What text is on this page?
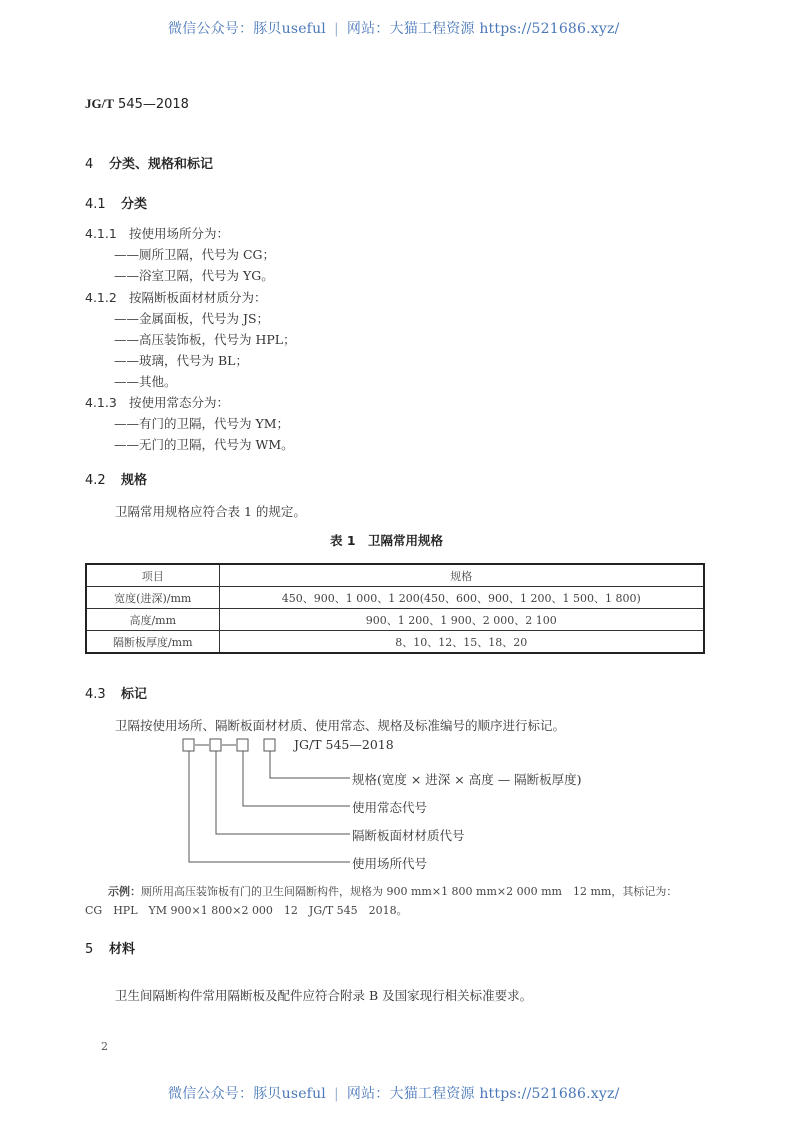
微信公众号：豚贝useful | 网站：大猫工程资源 https://521686.xyz/
JG/T 545—2018
4 分类、规格和标记
4.1 分类
4.1.1 按使用场所分为：
——厕所卫隔，代号为 CG；
——浴室卫隔，代号为 YG。
4.1.2 按隔断板面材材质分为：
——金属面板，代号为 JS；
——高压装饰板，代号为 HPL；
——玻璃，代号为 BL；
——其他。
4.1.3 按使用常态分为：
——有门的卫隔，代号为 YM；
——无门的卫隔，代号为 WM。
4.2 规格
卫隔常用规格应符合表 1 的规定。
表 1　卫隔常用规格
项目	规格
宽度(进深)/mm	450、900、1 000、1 200(450、600、900、1 200、1 500、1 800)
高度/mm	900、1 200、1 900、2 000、2 100
隔断板厚度/mm	8、10、12、15、18、20
4.3 标记
卫隔按使用场所、隔断板面材材质、使用常态、规格及标准编号的顺序进行标记。
JG/T 545—2018
规格(宽度 × 进深 × 高度 — 隔断板厚度)
使用常态代号
隔断板面材材质代号
使用场所代号
示例：厕所用高压装饰板有门的卫生间隔断构件，规格为 900 mm×1 800 mm×2 000 mm　12 mm，其标记为：
CG　HPL　YM 900×1 800×2 000　12　JG/T 545　2018。
5 材料
卫生间隔断构件常用隔断板及配件应符合附录 B 及国家现行相关标准要求。
2
微信公众号：豚贝useful | 网站：大猫工程资源 https://521686.xyz/
